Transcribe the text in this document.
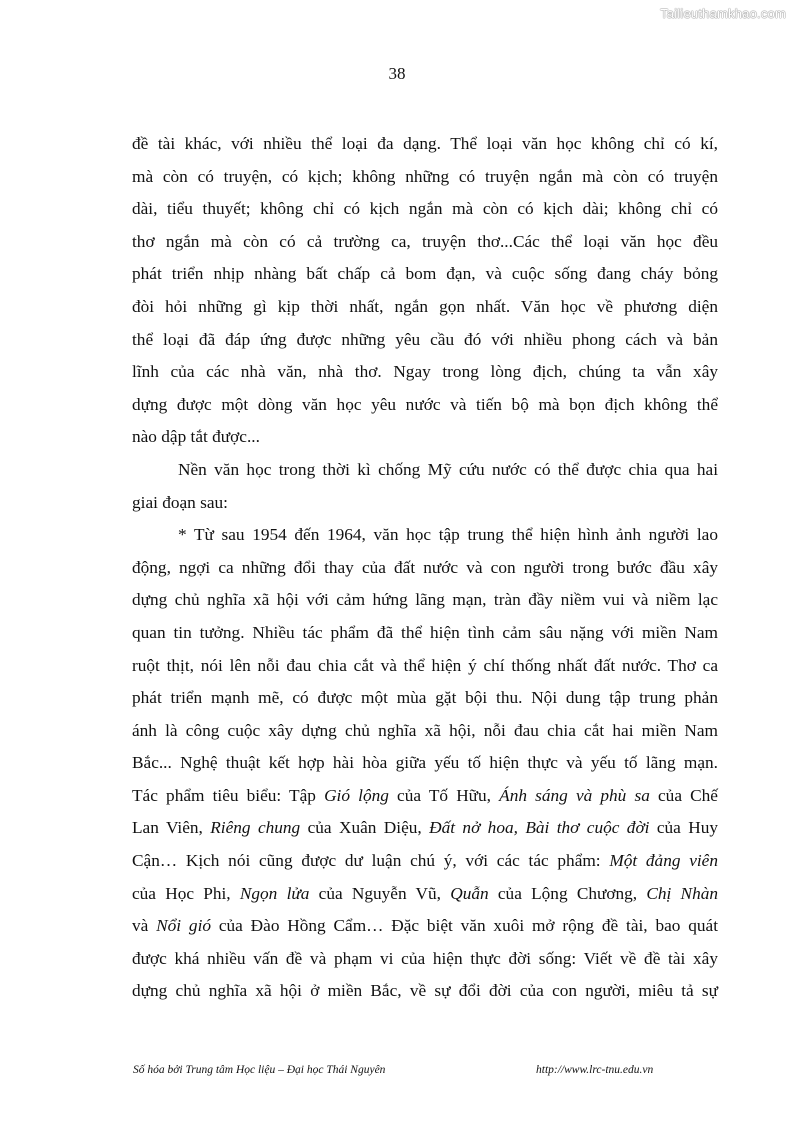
Tailieuthamkhao.com
38
đề tài khác, với nhiều thể loại đa dạng. Thể loại văn học không chỉ có kí,
mà còn có truyện, có kịch; không những có truyện ngắn mà còn có truyện
dài, tiểu thuyết; không chỉ có kịch ngắn mà còn có kịch dài; không chỉ có
thơ ngắn mà còn có cả trường ca, truyện thơ...Các thể loại văn học đều
phát triển nhịp nhàng bất chấp cả bom đạn, và cuộc sống đang cháy bỏng
đòi hỏi những gì kịp thời nhất, ngắn gọn nhất. Văn học về phương diện
thể loại đã đáp ứng được những yêu cầu đó với nhiều phong cách và bản
lĩnh của các nhà văn, nhà thơ. Ngay trong lòng địch, chúng ta vẫn xây
dựng được một dòng văn học yêu nước và tiến bộ mà bọn địch không thể
nào dập tắt được...
Nền văn học trong thời kì chống Mỹ cứu nước có thể được chia qua hai
giai đoạn sau:
* Từ sau 1954 đến 1964, văn học tập trung thể hiện hình ảnh người lao
động, ngợi ca những đổi thay của đất nước và con người trong bước đầu xây
dựng chủ nghĩa xã hội với cảm hứng lãng mạn, tràn đầy niềm vui và niềm lạc
quan tin tưởng. Nhiều tác phẩm đã thể hiện tình cảm sâu nặng với miền Nam
ruột thịt, nói lên nỗi đau chia cắt và thể hiện ý chí thống nhất đất nước. Thơ ca
phát triển mạnh mẽ, có được một mùa gặt bội thu. Nội dung tập trung phản
ánh là công cuộc xây dựng chủ nghĩa xã hội, nỗi đau chia cắt hai miền Nam
Bắc... Nghệ thuật kết hợp hài hòa giữa yếu tố hiện thực và yếu tố lãng mạn.
Tác phẩm tiêu biểu: Tập Gió lộng của Tố Hữu, Ánh sáng và phù sa của Chế
Lan Viên, Riêng chung của Xuân Diệu, Đất nở hoa, Bài thơ cuộc đời của Huy
Cận… Kịch nói cũng được dư luận chú ý, với các tác phẩm: Một đảng viên
của Học Phi, Ngọn lửa của Nguyễn Vũ, Quẫn của Lộng Chương, Chị Nhàn
và Nổi gió của Đào Hồng Cẩm… Đặc biệt văn xuôi mở rộng đề tài, bao quát
được khá nhiều vấn đề và phạm vi của hiện thực đời sống: Viết về đề tài xây
dựng chủ nghĩa xã hội ở miền Bắc, về sự đổi đời của con người, miêu tả sự
Số hóa bởi Trung tâm Học liệu – Đại học Thái Nguyên	http://www.lrc-tnu.edu.vn
